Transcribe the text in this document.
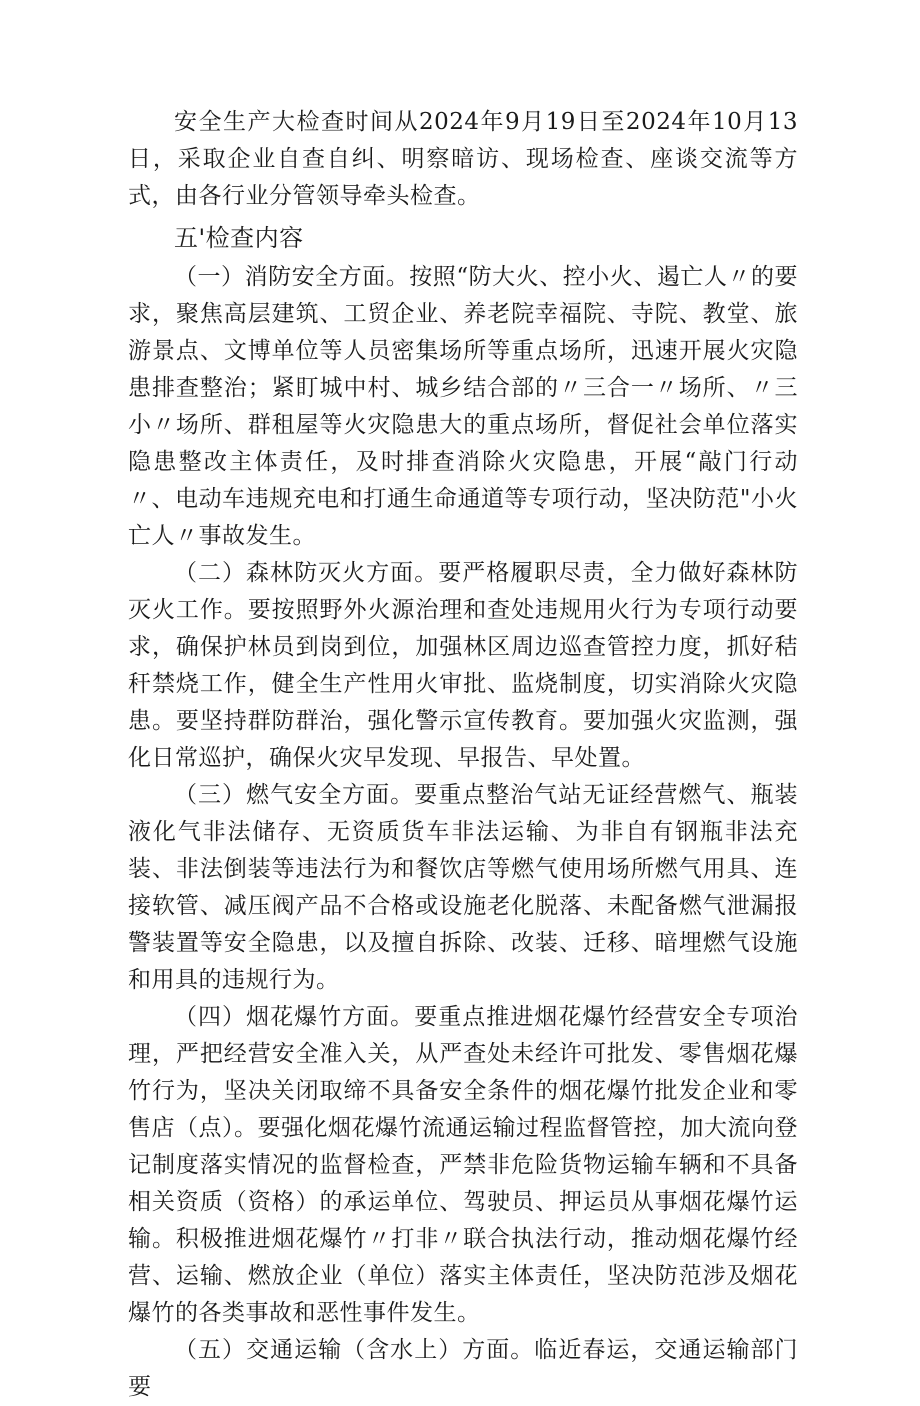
安全生产大检查时间从2024年9月19日至2024年10月13日，采取企业自查自纠、明察暗访、现场检查、座谈交流等方式，由各行业分管领导牵头检查。

五'检查内容

（一）消防安全方面。按照“防大火、控小火、遏亡人〃的要求，聚焦高层建筑、工贸企业、养老院幸福院、寺院、教堂、旅游景点、文博单位等人员密集场所等重点场所，迅速开展火灾隐患排查整治；紧盯城中村、城乡结合部的〃三合一〃场所、〃三小〃场所、群租屋等火灾隐患大的重点场所，督促社会单位落实隐患整改主体责任，及时排查消除火灾隐患，开展“敲门行动〃、电动车违规充电和打通生命通道等专项行动，坚决防范"小火亡人〃事故发生。

（二）森林防灭火方面。要严格履职尽责，全力做好森林防灭火工作。要按照野外火源治理和查处违规用火行为专项行动要求，确保护林员到岗到位，加强林区周边巡查管控力度，抓好秸秆禁烧工作，健全生产性用火审批、监烧制度，切实消除火灾隐患。要坚持群防群治，强化警示宣传教育。要加强火灾监测，强化日常巡护，确保火灾早发现、早报告、早处置。

（三）燃气安全方面。要重点整治气站无证经营燃气、瓶装液化气非法储存、无资质货车非法运输、为非自有钢瓶非法充装、非法倒装等违法行为和餐饮店等燃气使用场所燃气用具、连接软管、减压阀产品不合格或设施老化脱落、未配备燃气泄漏报警装置等安全隐患，以及擅自拆除、改装、迁移、暗埋燃气设施和用具的违规行为。

（四）烟花爆竹方面。要重点推进烟花爆竹经营安全专项治理，严把经营安全准入关，从严查处未经许可批发、零售烟花爆竹行为，坚决关闭取缔不具备安全条件的烟花爆竹批发企业和零售店（点）。要强化烟花爆竹流通运输过程监督管控，加大流向登记制度落实情况的监督检查，严禁非危险货物运输车辆和不具备相关资质（资格）的承运单位、驾驶员、押运员从事烟花爆竹运输。积极推进烟花爆竹〃打非〃联合执法行动，推动烟花爆竹经营、运输、燃放企业（单位）落实主体责任，坚决防范涉及烟花爆竹的各类事故和恶性事件发生。

（五）交通运输（含水上）方面。临近春运，交通运输部门要
